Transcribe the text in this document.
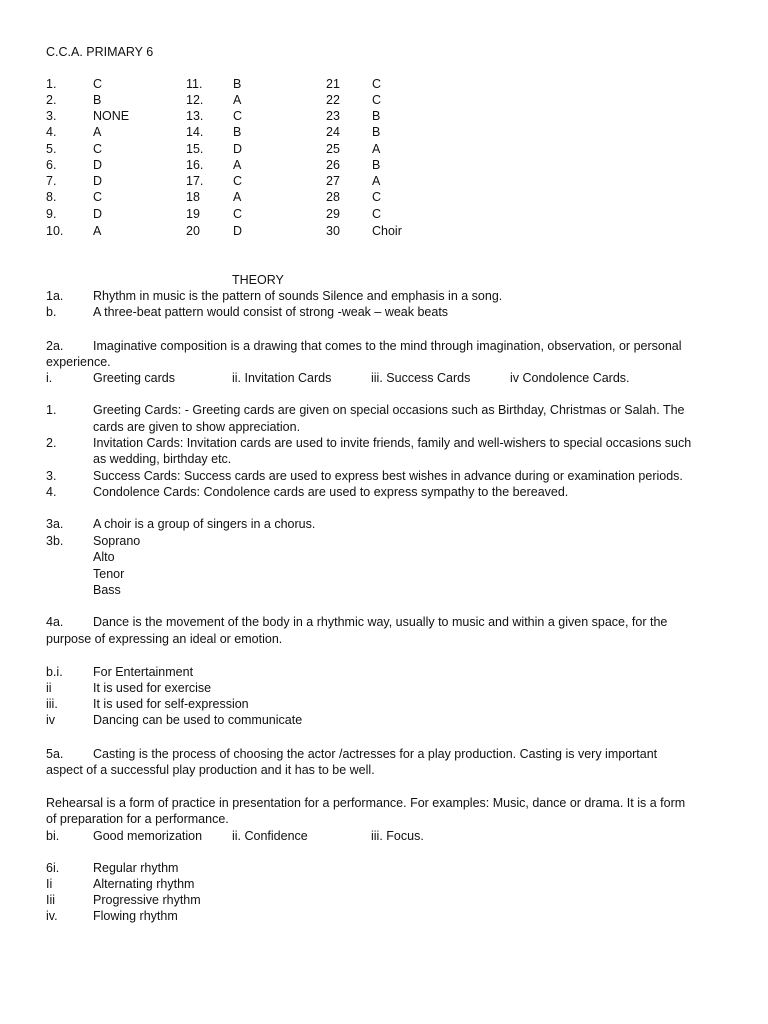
C.C.A. PRIMARY 6
1.	C	11. B	21	C
2.	B	12. A	22	C
3.	NONE	13. C	23	B
4.	A	14. B	24	B
5.	C	15. D	25	A
6.	D	16. A	26	B
7.	D	17. C	27	A
8.	C	18	A	28	C
9.	D	19	C	29	C
10. A	20	D	30	Choir
THEORY
1a. Rhythm in music is the pattern of sounds Silence and emphasis in a song.
b.	A three-beat pattern would consist of strong -weak – weak beats
2a. Imaginative composition is a drawing that comes to the mind through imagination, observation, or personal
experience.
i.	Greeting cards	ii. Invitation Cards	iii. Success Cards	iv Condolence Cards.
1.	Greeting Cards: - Greeting cards are given on special occasions such as Birthday, Christmas or Salah. The
cards are given to show appreciation.
2.	Invitation Cards: Invitation cards are used to invite friends, family and well-wishers to special occasions such
as wedding, birthday etc.
3.	Success Cards: Success cards are used to express best wishes in advance during or examination periods.
4.	Condolence Cards: Condolence cards are used to express sympathy to the bereaved.
3a. A choir is a group of singers in a chorus.
3b. Soprano
Alto
Tenor
Bass
4a. Dance is the movement of the body in a rhythmic way, usually to music and within a given space, for the
purpose of expressing an ideal or emotion.
b.i. For Entertainment
ii	It is used for exercise
iii.	It is used for self-expression
iv	Dancing can be used to communicate
5a. Casting is the process of choosing the actor /actresses for a play production. Casting is very important
aspect of a successful play production and it has to be well.
Rehearsal is a form of practice in presentation for a performance. For examples: Music, dance or drama. It is a form
of preparation for a performance.
bi.	Good memorization ii. Confidence	iii. Focus.
6i.	Regular rhythm
Ii	Alternating rhythm
Iii	Progressive rhythm
iv.	Flowing rhythm
